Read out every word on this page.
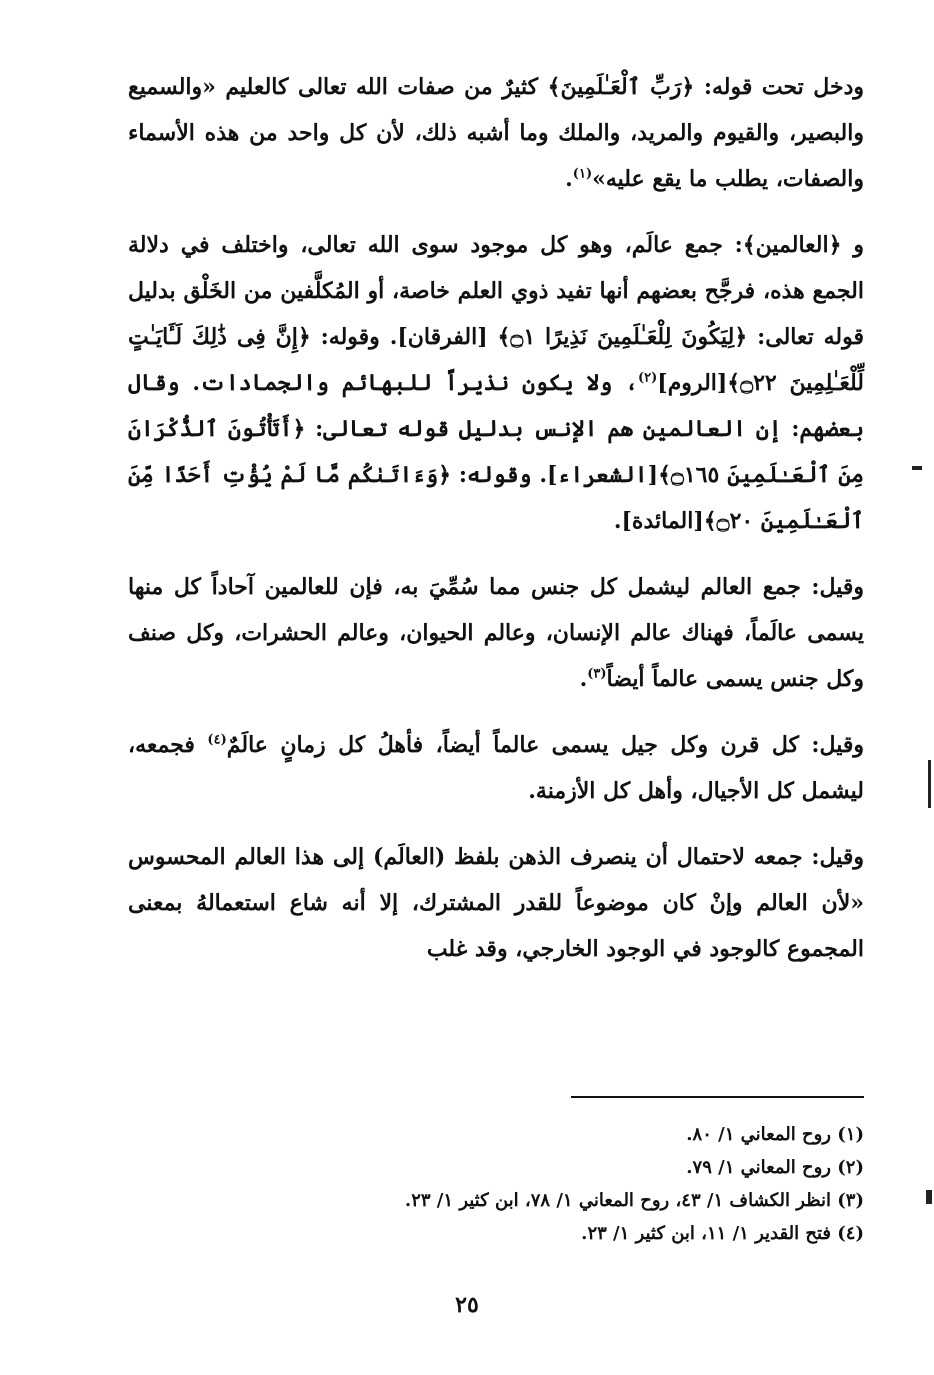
ودخل تحت قوله: ﴿رَبِّ ٱلْعَـٰلَمِينَ﴾ كثيرٌ من صفات الله تعالى كالعليم «والسميع والبصير، والقيوم والمريد، والملك وما أشبه ذلك، لأن كل واحد من هذه الأسماء والصفات، يطلب ما يقع عليه»$^{(١)}$.

و ﴿العالمين﴾: جمع عالَم، وهو كل موجود سوى الله تعالى، واختلف في دلالة الجمع هذه، فرجَّح بعضهم أنها تفيد ذوي العلم خاصة، أو المُكلَّفين من الخَلْق بدليل قوله تعالى: ﴿لِيَكُونَ لِلْعَـٰلَمِينَ نَذِيرًا ۝١﴾ [الفرقان]. وقوله: ﴿إِنَّ فِى ذَٰلِكَ لَـَٔايَـٰتٍ لِّلْعَـٰلِمِينَ ۝٢٢﴾[الروم]$^{(٢)}$، ولا يكون نذيراً للبهائم والجمادات. وقال بعضهم: إن العالمين هم الإنس بدليل قوله تعالى: ﴿أَتَأْتُونَ ٱلذُّكْرَانَ مِنَ ٱلْعَـٰلَمِينَ ۝١٦٥﴾[الشعراء]. وقوله: ﴿وَءَاتَىٰكُم مَّا لَمْ يُؤْتِ أَحَدًا مِّنَ ٱلْعَـٰلَمِينَ ۝٢٠﴾[المائدة].

وقيل: جمع العالم ليشمل كل جنس مما سُمِّيَ به، فإن للعالمين آحاداً كل منها يسمى عالَماً، فهناك عالم الإنسان، وعالم الحيوان، وعالم الحشرات، وكل صنف وكل جنس يسمى عالماً أيضاً$^{(٣)}$.

وقيل: كل قرن وكل جيل يسمى عالماً أيضاً، فأهلُ كل زمانٍ عالَمٌ$^{(٤)}$ فجمعه، ليشمل كل الأجيال، وأهل كل الأزمنة.

وقيل: جمعه لاحتمال أن ينصرف الذهن بلفظ (العالَم) إلى هذا العالم المحسوس «لأن العالم وإنْ كان موضوعاً للقدر المشترك، إلا أنه شاع استعمالهُ بمعنى المجموع كالوجود في الوجود الخارجي، وقد غلب

(١) روح المعاني ١/ ٨٠.
(٢) روح المعاني ١/ ٧٩.
(٣) انظر الكشاف ١/ ٤٣، روح المعاني ١/ ٧٨، ابن كثير ١/ ٢٣.
(٤) فتح القدير ١/ ١١، ابن كثير ١/ ٢٣.
٢٥
